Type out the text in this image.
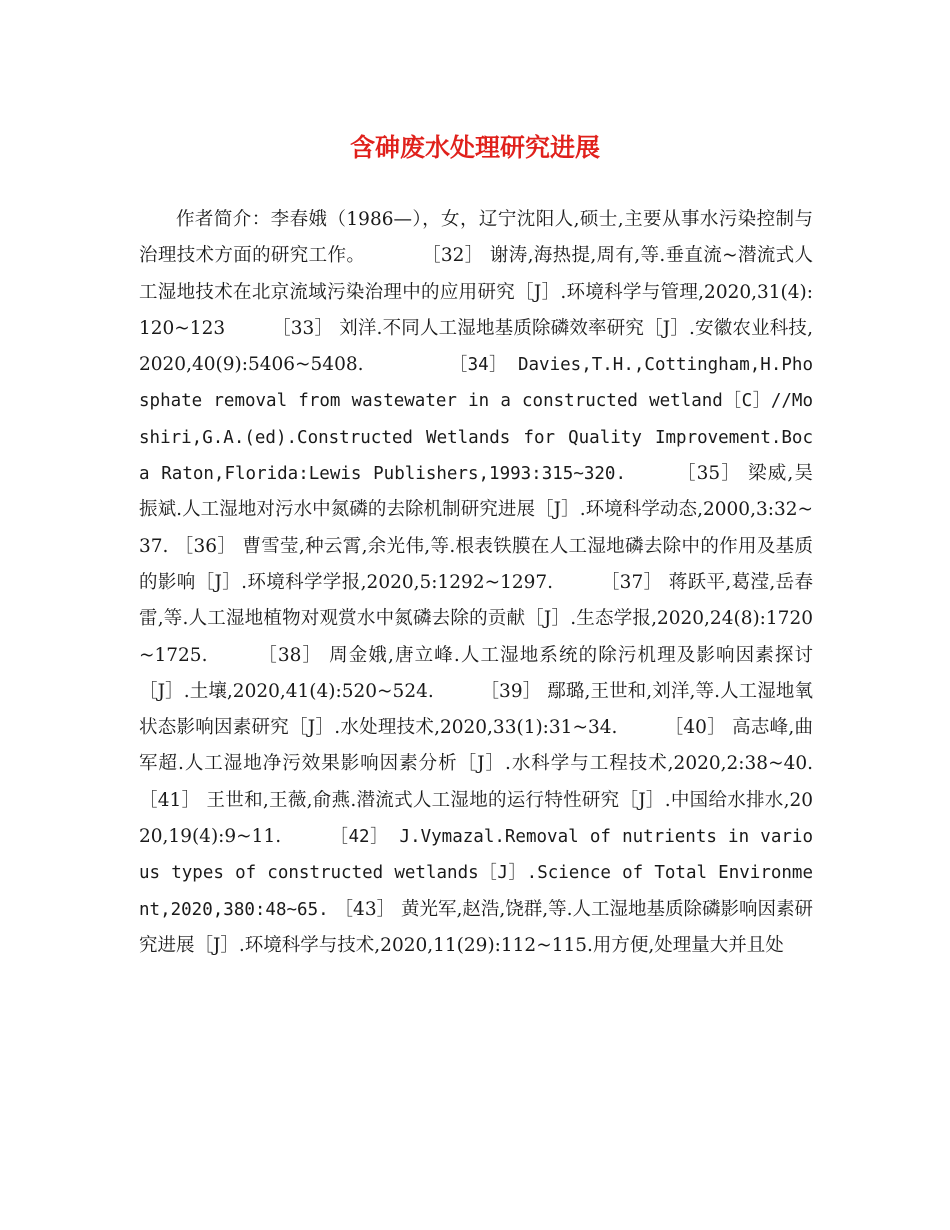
含砷废水处理研究进展

作者简介：李春娥（1986—），女，辽宁沈阳人,硕士,主要从事水污染控制与治理技术方面的研究工作。　　　　	［32］ 谢涛,海热提,周有,等.垂直流~潜流式人工湿地技术在北京流域污染治理中的应用研究［J］.环境科学与管理,2020,31(4):120~123　　　	［33］ 刘洋.不同人工湿地基质除磷效率研究［J］.安徽农业科技,2020,40(9):5406~5408.　　　　　	［34］ Davies,T.H.,Cottingham,H.Phosphate removal from wastewater in a constructed wetland［C］//Moshiri,G.A.(ed).Constructed Wetlands for Quality Improvement.Boca Raton,Florida:Lewis Publishers,1993:315~320.　　　	［35］ 梁威,吴振斌.人工湿地对污水中氮磷的去除机制研究进展［J］.环境科学动态,2000,3:32~37. ［36］ 曹雪莹,种云霄,余光伟,等.根表铁膜在人工湿地磷去除中的作用及基质的影响［J］.环境科学学报,2020,5:1292~1297.　　　	［37］ 蒋跃平,葛滢,岳春雷,等.人工湿地植物对观赏水中氮磷去除的贡献［J］.生态学报,2020,24(8):1720~1725.　　　	［38］ 周金娥,唐立峰.人工湿地系统的除污机理及影响因素探讨［J］.土壤,2020,41(4):520~524.　　　	［39］ 鄢璐,王世和,刘洋,等.人工湿地氧状态影响因素研究［J］.水处理技术,2020,33(1):31~34.　　　	［40］ 高志峰,曲军超.人工湿地净污效果影响因素分析［J］.水科学与工程技术,2020,2:38~40.　　　［41］ 王世和,王薇,俞燕.潜流式人工湿地的运行特性研究［J］.中国给水排水,2020,19(4):9~11.　　　	［42］ J.Vymazal.Removal of nutrients in various types of constructed wetlands［J］.Science of Total Environment,2020,380:48~65. ［43］ 黄光军,赵浩,饶群,等.人工湿地基质除磷影响因素研究进展［J］.环境科学与技术,2020,11(29):112~115.用方便,处理量大并且处
